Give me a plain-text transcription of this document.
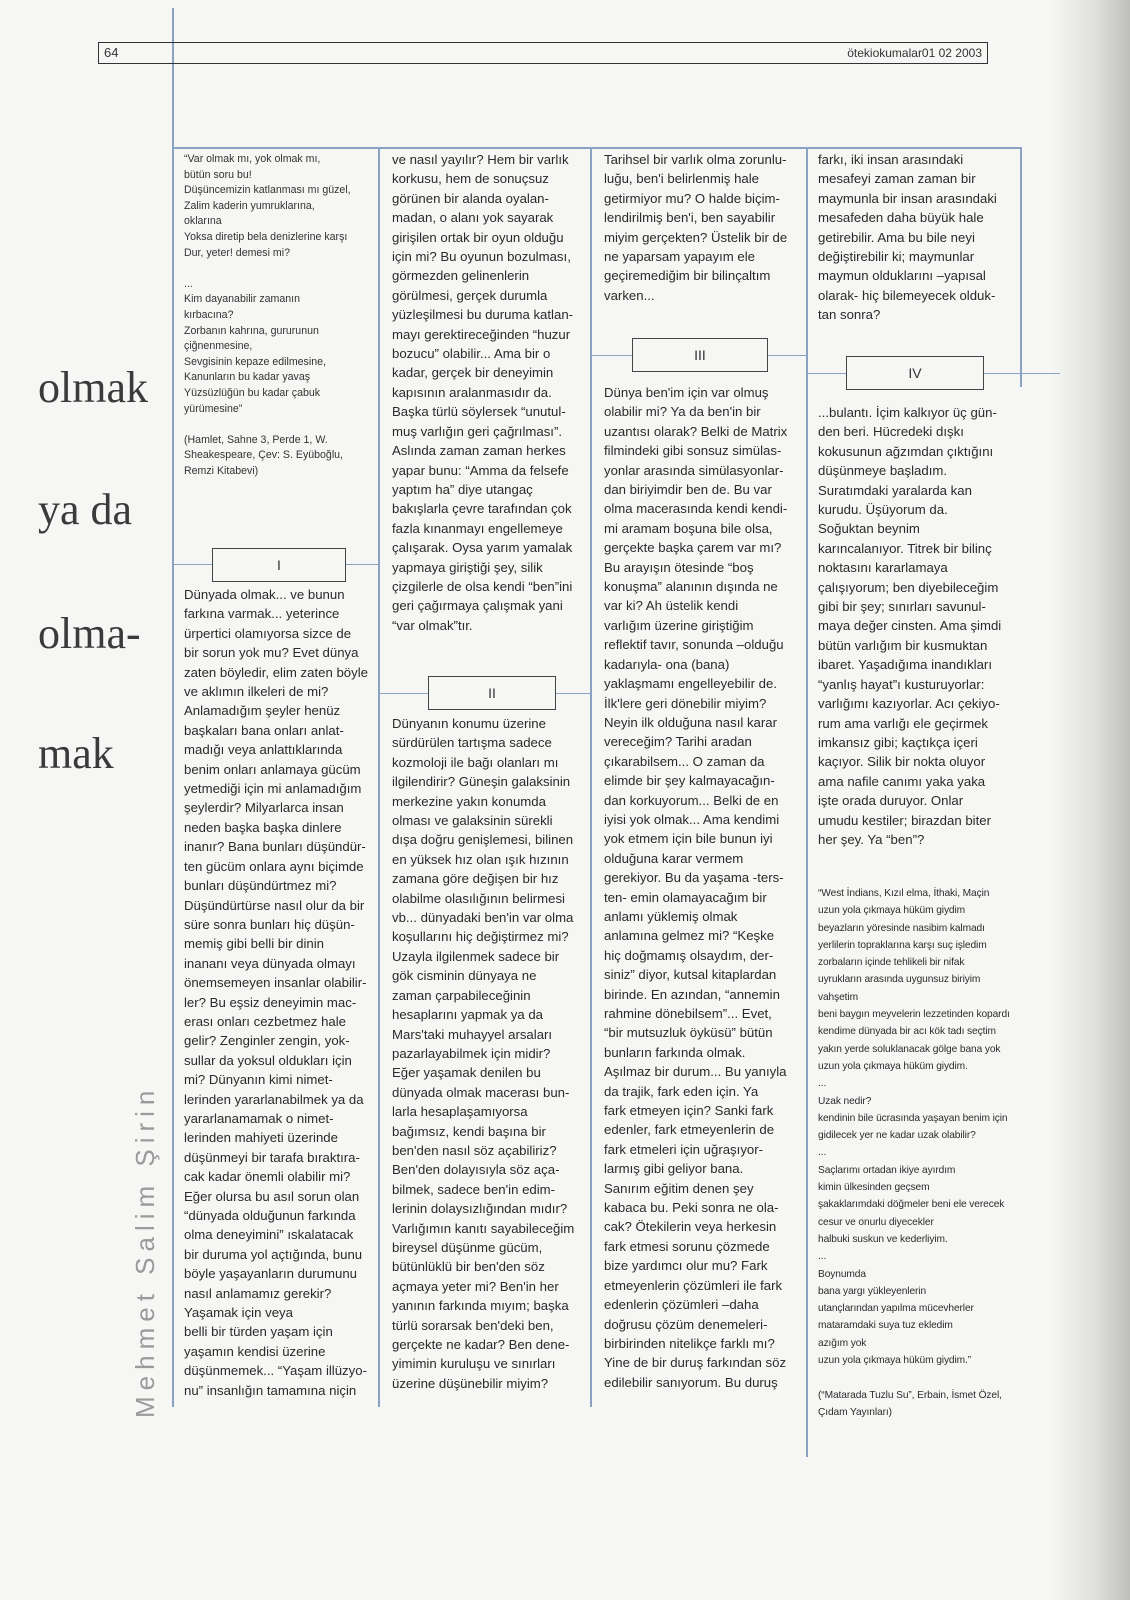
64	ötekiokumalar01 02 2003
olmak
ya da
olma-
mak
Mehmet Salim Şirin
“Var olmak mı, yok olmak mı,
bütün soru bu!
Düşüncemizin katlanması mı güzel,
Zalim kaderin yumruklarına,
oklarına
Yoksa diretip bela denizlerine karşı
Dur, yeter! demesi mi?

...
Kim dayanabilir zamanın
kırbacına?
Zorbanın kahrına, gururunun
çiğnenmesine,
Sevgisinin kepaze edilmesine,
Kanunların bu kadar yavaş
Yüzsüzlüğün bu kadar çabuk
yürümesine”

(Hamlet, Sahne 3, Perde 1, W.
Sheakespeare, Çev: S. Eyüboğlu,
Remzi Kitabevi)
I
II
III
IV
Dünyada olmak... ve bunun
farkına varmak... yeterince
ürpertici olamıyorsa sizce de
bir sorun yok mu? Evet dünya
zaten böyledir, elim zaten böyle
ve aklımın ilkeleri de mi?
Anlamadığım şeyler henüz
başkaları bana onları anlat-
madığı veya anlattıklarında
benim onları anlamaya gücüm
yetmediği için mi anlamadığım
şeylerdir? Milyarlarca insan
neden başka başka dinlere
inanır? Bana bunları düşündür-
ten gücüm onlara aynı biçimde
bunları düşündürtmez mi?
Düşündürtürse nasıl olur da bir
süre sonra bunları hiç düşün-
memiş gibi belli bir dinin
inananı veya dünyada olmayı
önemsemeyen insanlar olabilir-
ler? Bu eşsiz deneyimin mac-
erası onları cezbetmez hale
gelir? Zenginler zengin, yok-
sullar da yoksul oldukları için
mi? Dünyanın kimi nimet-
lerinden yararlanabilmek ya da
yararlanamamak o nimet-
lerinden mahiyeti üzerinde
düşünmeyi bir tarafa bıraktıra-
cak kadar önemli olabilir mi?
Eğer olursa bu asıl sorun olan
“dünyada olduğunun farkında
olma deneyimini” ıskalatacak
bir duruma yol açtığında, bunu
böyle yaşayanların durumunu
nasıl anlamamız gerekir?
Yaşamak için veya
belli bir türden yaşam için
yaşamın kendisi üzerine
düşünmemek... “Yaşam illüzyo-
nu” insanlığın tamamına niçin
ve nasıl yayılır? Hem bir varlık
korkusu, hem de sonuçsuz
görünen bir alanda oyalan-
madan, o alanı yok sayarak
girişilen ortak bir oyun olduğu
için mi? Bu oyunun bozulması,
görmezden gelinenlerin
görülmesi, gerçek durumla
yüzleşilmesi bu duruma katlan-
mayı gerektireceğinden “huzur
bozucu” olabilir... Ama bir o
kadar, gerçek bir deneyimin
kapısının aralanmasıdır da.
Başka türlü söylersek “unutul-
muş varlığın geri çağrılması”.
Aslında zaman zaman herkes
yapar bunu: “Amma da felsefe
yaptım ha” diye utangaç
bakışlarla çevre tarafından çok
fazla kınanmayı engellemeye
çalışarak. Oysa yarım yamalak
yapmaya giriştiği şey, silik
çizgilerle de olsa kendi “ben”ini
geri çağırmaya çalışmak yani
“var olmak”tır.
Dünyanın konumu üzerine
sürdürülen tartışma sadece
kozmoloji ile bağı olanları mı
ilgilendirir? Güneşin galaksinin
merkezine yakın konumda
olması ve galaksinin sürekli
dışa doğru genişlemesi, bilinen
en yüksek hız olan ışık hızının
zamana göre değişen bir hız
olabilme olasılığının belirmesi
vb... dünyadaki ben'in var olma
koşullarını hiç değiştirmez mi?
Uzayla ilgilenmek sadece bir
gök cisminin dünyaya ne
zaman çarpabileceğinin
hesaplarını yapmak ya da
Mars'taki muhayyel arsaları
pazarlayabilmek için midir?
Eğer yaşamak denilen bu
dünyada olmak macerası bun-
larla hesaplaşamıyorsa
bağımsız, kendi başına bir
ben'den nasıl söz açabiliriz?
Ben'den dolayısıyla söz aça-
bilmek, sadece ben'in edim-
lerinin dolaysızlığından mıdır?
Varlığımın kanıtı sayabileceğim
bireysel düşünme gücüm,
bütünlüklü bir ben'den söz
açmaya yeter mi? Ben'in her
yanının farkında mıyım; başka
türlü sorarsak ben'deki ben,
gerçekte ne kadar? Ben dene-
yimimin kuruluşu ve sınırları
üzerine düşünebilir miyim?
Tarihsel bir varlık olma zorunlu-
luğu, ben'i belirlenmiş hale
getirmiyor mu? O halde biçim-
lendirilmiş ben'i, ben sayabilir
miyim gerçekten? Üstelik bir de
ne yaparsam yapayım ele
geçiremediğim bir bilinçaltım
varken...
Dünya ben'im için var olmuş
olabilir mi? Ya da ben'in bir
uzantısı olarak? Belki de Matrix
filmindeki gibi sonsuz simülas-
yonlar arasında simülasyonlar-
dan biriyimdir ben de. Bu var
olma macerasında kendi kendi-
mi aramam boşuna bile olsa,
gerçekte başka çarem var mı?
Bu arayışın ötesinde “boş
konuşma” alanının dışında ne
var ki? Ah üstelik kendi
varlığım üzerine giriştiğim
reflektif tavır, sonunda –olduğu
kadarıyla- ona (bana)
yaklaşmamı engelleyebilir de.
İlk'lere geri dönebilir miyim?
Neyin ilk olduğuna nasıl karar
vereceğim? Tarihi aradan
çıkarabilsem... O zaman da
elimde bir şey kalmayacağın-
dan korkuyorum... Belki de en
iyisi yok olmak... Ama kendimi
yok etmem için bile bunun iyi
olduğuna karar vermem
gerekiyor. Bu da yaşama -ters-
ten- emin olamayacağım bir
anlamı yüklemiş olmak
anlamına gelmez mi? “Keşke
hiç doğmamış olsaydım, der-
siniz” diyor, kutsal kitaplardan
birinde. En azından, “annemin
rahmine dönebilsem”... Evet,
“bir mutsuzluk öyküsü” bütün
bunların farkında olmak.
Aşılmaz bir durum... Bu yanıyla
da trajik, fark eden için. Ya
fark etmeyen için? Sanki fark
edenler, fark etmeyenlerin de
fark etmeleri için uğraşıyor-
larmış gibi geliyor bana.
Sanırım eğitim denen şey
kabaca bu. Peki sonra ne ola-
cak? Ötekilerin veya herkesin
fark etmesi sorunu çözmede
bize yardımcı olur mu? Fark
etmeyenlerin çözümleri ile fark
edenlerin çözümleri –daha
doğrusu çözüm denemeleri-
birbirinden nitelikçe farklı mı?
Yine de bir duruş farkından söz
edilebilir sanıyorum. Bu duruş
farkı, iki insan arasındaki
mesafeyi zaman zaman bir
maymunla bir insan arasındaki
mesafeden daha büyük hale
getirebilir. Ama bu bile neyi
değiştirebilir ki; maymunlar
maymun olduklarını –yapısal
olarak- hiç bilemeyecek olduk-
tan sonra?
...bulantı. İçim kalkıyor üç gün-
den beri. Hücredeki dışkı
kokusunun ağzımdan çıktığını
düşünmeye başladım.
Suratımdaki yaralarda kan
kurudu. Üşüyorum da.
Soğuktan beynim
karıncalanıyor. Titrek bir bilinç
noktasını kararlamaya
çalışıyorum; ben diyebileceğim
gibi bir şey; sınırları savunul-
maya değer cinsten. Ama şimdi
bütün varlığım bir kusmuktan
ibaret. Yaşadığıma inandıkları
“yanlış hayat”ı kusturuyorlar:
varlığımı kazıyorlar. Acı çekiyo-
rum ama varlığı ele geçirmek
imkansız gibi; kaçtıkça içeri
kaçıyor. Silik bir nokta oluyor
ama nafile canımı yaka yaka
işte orada duruyor. Onlar
umudu kestiler; birazdan biter
her şey. Ya “ben”?
“West İndians, Kızıl elma, İthaki, Maçin
uzun yola çıkmaya hüküm giydim
beyazların yöresinde nasibim kalmadı
yerlilerin topraklarına karşı suç işledim
zorbaların içinde tehlikeli bir nifak
uyrukların arasında uygunsuz biriyim
vahşetim
beni baygın meyvelerin lezzetinden kopardı
kendime dünyada bir acı kök tadı seçtim
yakın yerde soluklanacak gölge bana yok
uzun yola çıkmaya hüküm giydim.
...
Uzak nedir?
kendinin bile ücrasında yaşayan benim için
gidilecek yer ne kadar uzak olabilir?
...
Saçlarımı ortadan ikiye ayırdım
kimin ülkesinden geçsem
şakaklarımdaki döğmeler beni ele verecek
cesur ve onurlu diyecekler
halbuki suskun ve kederliyim.
...
Boynumda
bana yargı yükleyenlerin
utançlarından yapılma mücevherler
mataramdaki suya tuz ekledim
azığım yok
uzun yola çıkmaya hüküm giydim.”

(“Matarada Tuzlu Su”, Erbain, İsmet Özel,
Çıdam Yayınları)
